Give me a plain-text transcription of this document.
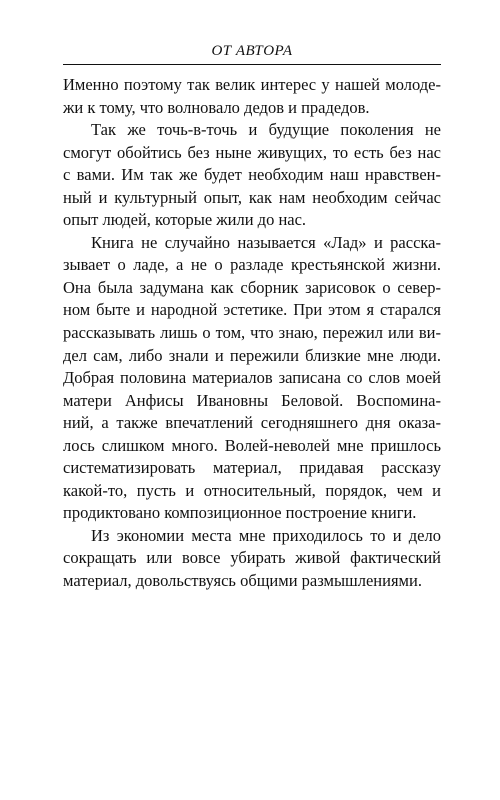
ОТ АВТОРА

Именно поэтому так велик интерес у нашей молоде-
жи к тому, что волновало дедов и прадедов.

Так же точь-в-точь и будущие поколения не
смогут обойтись без ныне живущих, то есть без нас
с вами. Им так же будет необходим наш нравствен-
ный и культурный опыт, как нам необходим сейчас
опыт людей, которые жили до нас.

Книга не случайно называется «Лад» и расска-
зывает о ладе, а не о разладе крестьянской жизни.
Она была задумана как сборник зарисовок о север-
ном быте и народной эстетике. При этом я старался
рассказывать лишь о том, что знаю, пережил или ви-
дел сам, либо знали и пережили близкие мне люди.
Добрая половина материалов записана со слов моей
матери Анфисы Ивановны Беловой. Воспомина-
ний, а также впечатлений сегодняшнего дня оказа-
лось слишком много. Волей-неволей мне пришлось
систематизировать материал, придавая рассказу
какой-то, пусть и относительный, порядок, чем и
продиктовано композиционное построение книги.

Из экономии места мне приходилось то и дело
сокращать или вовсе убирать живой фактический
материал, довольствуясь общими размышлениями.
